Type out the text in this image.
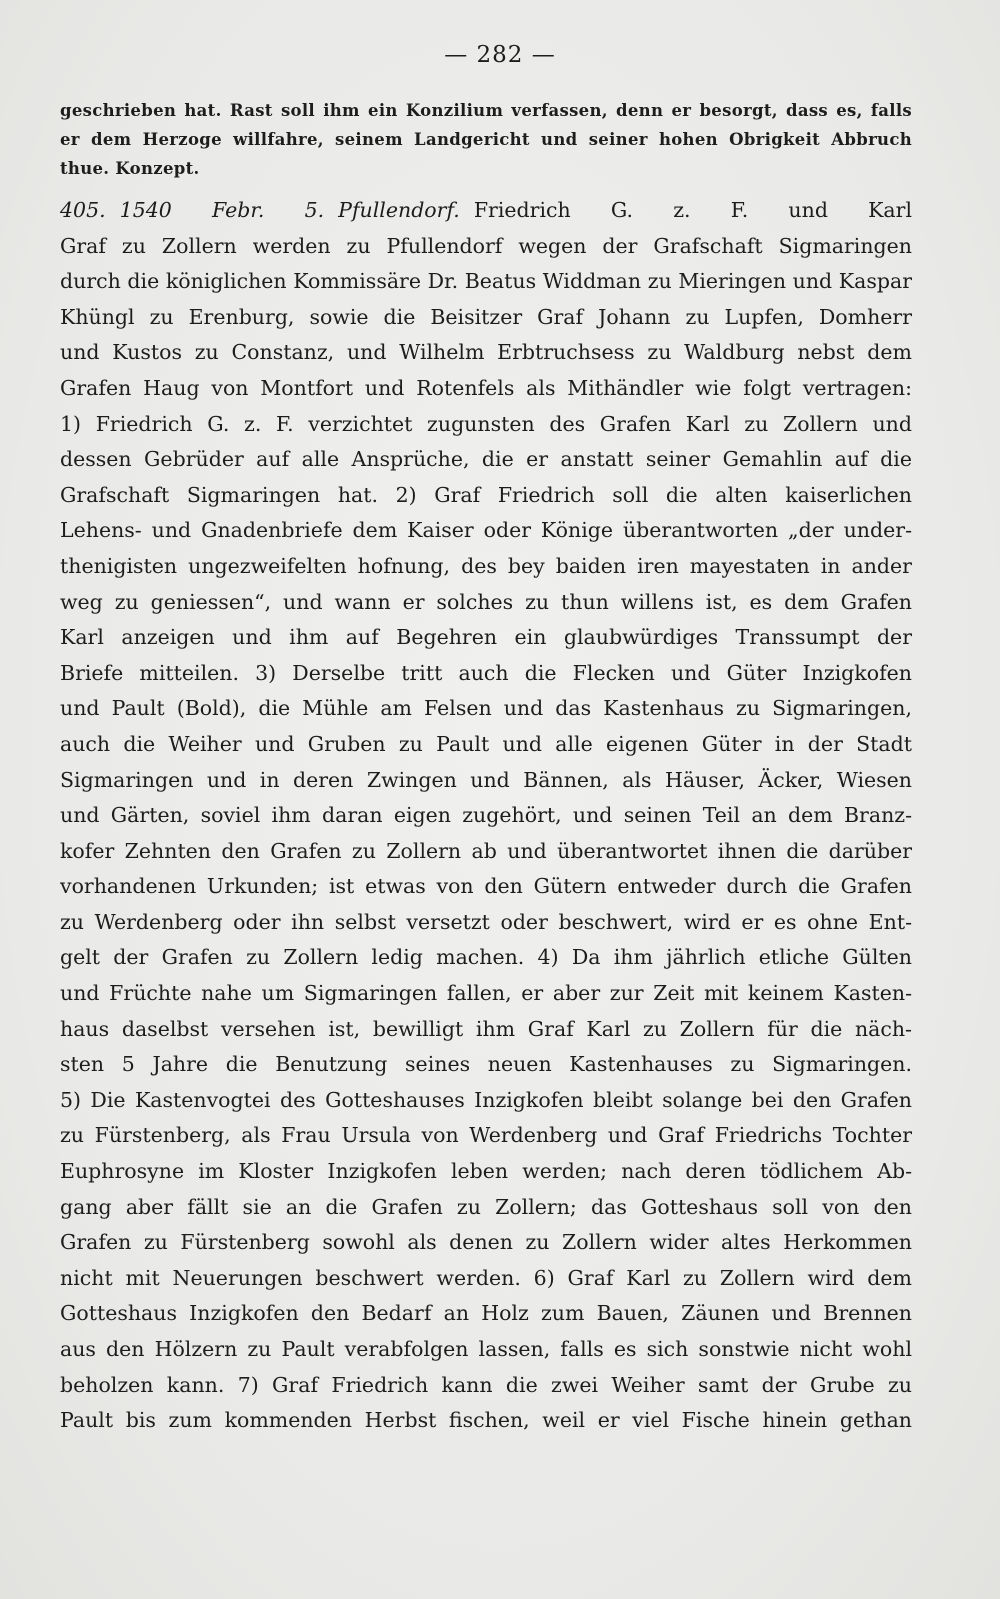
— 282 —
geschrieben hat. Rast soll ihm ein Konzilium verfassen, denn er besorgt, dass es, falls
er dem Herzoge willfahre, seinem Landgericht und seiner hohen Obrigkeit Abbruch
thue. Konzept.
405. 1540 Febr. 5. Pfullendorf. Friedrich G. z. F. und Karl
Graf zu Zollern werden zu Pfullendorf wegen der Grafschaft Sigmaringen
durch die königlichen Kommissäre Dr. Beatus Widdman zu Mieringen und Kaspar
Khüngl zu Erenburg, sowie die Beisitzer Graf Johann zu Lupfen, Domherr
und Kustos zu Constanz, und Wilhelm Erbtruchsess zu Waldburg nebst dem
Grafen Haug von Montfort und Rotenfels als Mithändler wie folgt vertragen:
1) Friedrich G. z. F. verzichtet zugunsten des Grafen Karl zu Zollern und
dessen Gebrüder auf alle Ansprüche, die er anstatt seiner Gemahlin auf die
Grafschaft Sigmaringen hat. 2) Graf Friedrich soll die alten kaiserlichen
Lehens- und Gnadenbriefe dem Kaiser oder Könige überantworten „der under-
thenigisten ungezweifelten hofnung, des bey baiden iren mayestaten in ander
weg zu geniessen“, und wann er solches zu thun willens ist, es dem Grafen
Karl anzeigen und ihm auf Begehren ein glaubwürdiges Transsumpt der
Briefe mitteilen. 3) Derselbe tritt auch die Flecken und Güter Inzigkofen
und Pault (Bold), die Mühle am Felsen und das Kastenhaus zu Sigmaringen,
auch die Weiher und Gruben zu Pault und alle eigenen Güter in der Stadt
Sigmaringen und in deren Zwingen und Bännen, als Häuser, Äcker, Wiesen
und Gärten, soviel ihm daran eigen zugehört, und seinen Teil an dem Branz-
kofer Zehnten den Grafen zu Zollern ab und überantwortet ihnen die darüber
vorhandenen Urkunden; ist etwas von den Gütern entweder durch die Grafen
zu Werdenberg oder ihn selbst versetzt oder beschwert, wird er es ohne Ent-
gelt der Grafen zu Zollern ledig machen. 4) Da ihm jährlich etliche Gülten
und Früchte nahe um Sigmaringen fallen, er aber zur Zeit mit keinem Kasten-
haus daselbst versehen ist, bewilligt ihm Graf Karl zu Zollern für die näch-
sten 5 Jahre die Benutzung seines neuen Kastenhauses zu Sigmaringen.
5) Die Kastenvogtei des Gotteshauses Inzigkofen bleibt solange bei den Grafen
zu Fürstenberg, als Frau Ursula von Werdenberg und Graf Friedrichs Tochter
Euphrosyne im Kloster Inzigkofen leben werden; nach deren tödlichem Ab-
gang aber fällt sie an die Grafen zu Zollern; das Gotteshaus soll von den
Grafen zu Fürstenberg sowohl als denen zu Zollern wider altes Herkommen
nicht mit Neuerungen beschwert werden. 6) Graf Karl zu Zollern wird dem
Gotteshaus Inzigkofen den Bedarf an Holz zum Bauen, Zäunen und Brennen
aus den Hölzern zu Pault verabfolgen lassen, falls es sich sonstwie nicht wohl
beholzen kann. 7) Graf Friedrich kann die zwei Weiher samt der Grube zu
Pault bis zum kommenden Herbst fischen, weil er viel Fische hinein gethan
